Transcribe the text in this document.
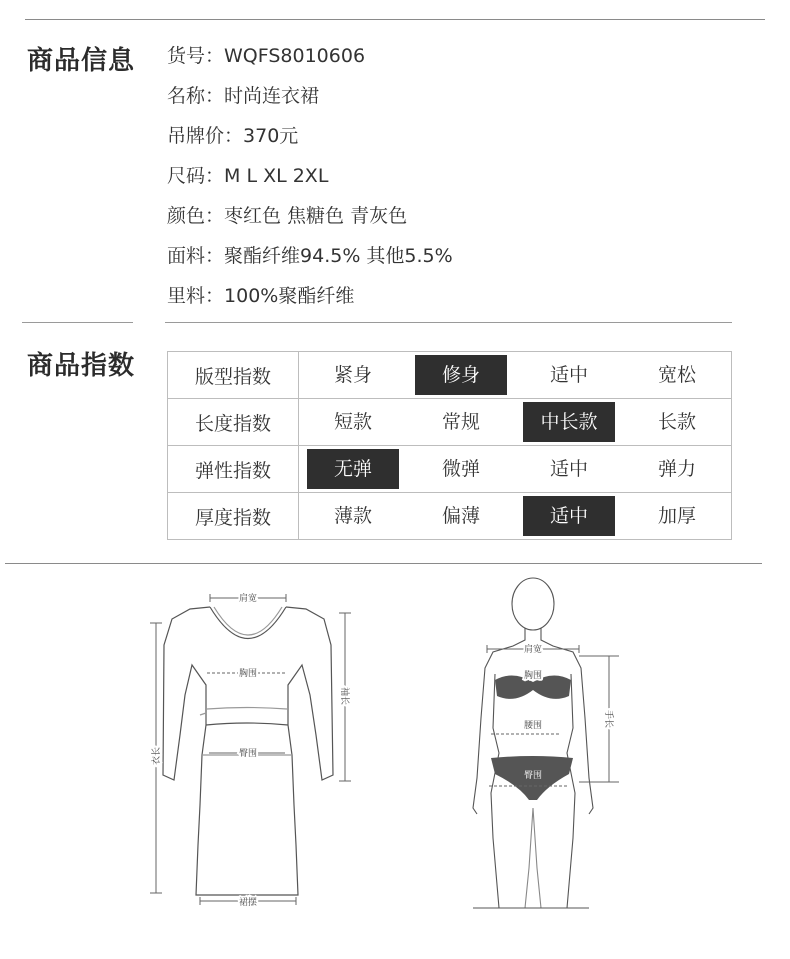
商品信息 货号：WQFS8010606
名称：时尚连衣裙
吊牌价：370元
尺码：M L XL 2XL
颜色：枣红色 焦糖色 青灰色
面料：聚酯纤维94.5% 其他5.5%
里料：100%聚酯纤维
商品指数	版型指数	紧身	修身	适中	宽松
长度指数	短款	常规	中长款	长款
弹性指数	无弹	微弹	适中	弹力
厚度指数	薄款	偏薄	适中	加厚
肩宽
胸围
臀围
衣长
袖长
裙摆
肩宽
胸围
腰围
臀围
手长
